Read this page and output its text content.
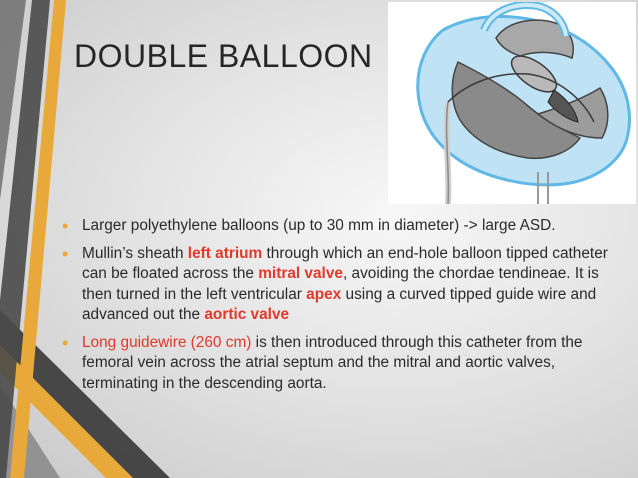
DOUBLE BALLOON
• Larger polyethylene balloons (up to 30 mm in diameter) -> large ASD.
• Mullin’s sheath left atrium through which an end-hole balloon tipped catheter can be floated across the mitral valve, avoiding the chordae tendineae. It is then turned in the left ventricular apex using a curved tipped guide wire and advanced out the aortic valve
• Long guidewire (260 cm) is then introduced through this catheter from the femoral vein across the atrial septum and the mitral and aortic valves, terminating in the descending aorta.
